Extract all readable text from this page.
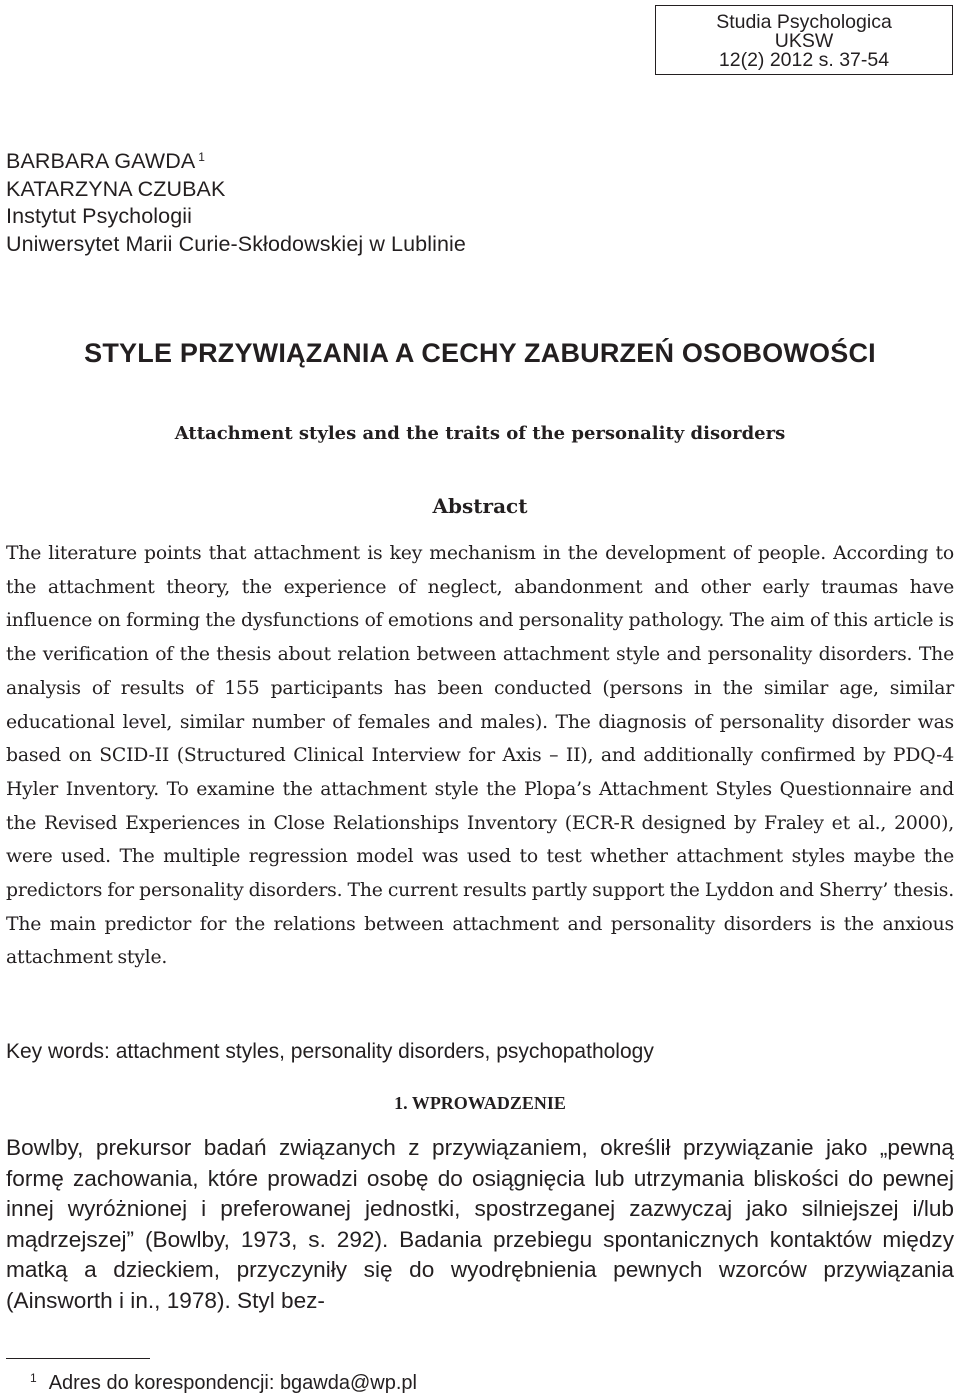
Studia Psychologica
UKSW
12(2) 2012 s. 37-54
BARBARA GAWDA $^1$
KATARZYNA CZUBAK
Instytut Psychologii
Uniwersytet Marii Curie-Skłodowskiej w Lublinie
STYLE PRZYWIĄZANIA A CECHY ZABURZEŃ OSOBOWOŚCI
Attachment styles and the traits of the personality disorders
Abstract
The literature points that attachment is key mechanism in the development of people. According to the attachment theory, the experience of neglect, abandonment and other early traumas have influence on forming the dysfunctions of emotions and personality pathology. The aim of this article is the verification of the thesis about relation between attachment style and personality disorders. The analysis of results of 155 participants has been conducted (persons in the similar age, similar educational level, similar number of females and males). The diagnosis of personality disorder was based on SCID-II (Structured Clinical Interview for Axis – II), and additionally confirmed by PDQ-4 Hyler Inventory. To examine the attachment style the Plopa’s Attachment Styles Questionnaire and the Revised Experiences in Close Relationships Inventory (ECR-R designed by Fraley et al., 2000), were used. The multiple regression model was used to test whether attachment styles maybe the predictors for personality disorders. The current results partly support the Lyddon and Sherry’ thesis. The main predictor for the relations between attachment and personality disorders is the anxious attachment style.
Key words: attachment styles, personality disorders, psychopathology
1. WPROWADZENIE
Bowlby, prekursor badań związanych z przywiązaniem, określił przywiązanie jako „pewną formę zachowania, które prowadzi osobę do osiągnięcia lub utrzymania bliskości do pewnej innej wyróżnionej i preferowanej jednostki, spostrzeganej zazwyczaj jako silniejszej i/lub mądrzejszej” (Bowlby, 1973, s. 292). Badania przebiegu spontanicznych kontaktów między matką a dzieckiem, przyczyniły się do wyodrębnienia pewnych wzorców przywiązania (Ainsworth i in., 1978). Styl bez-
$^1$ Adres do korespondencji: bgawda@wp.pl
